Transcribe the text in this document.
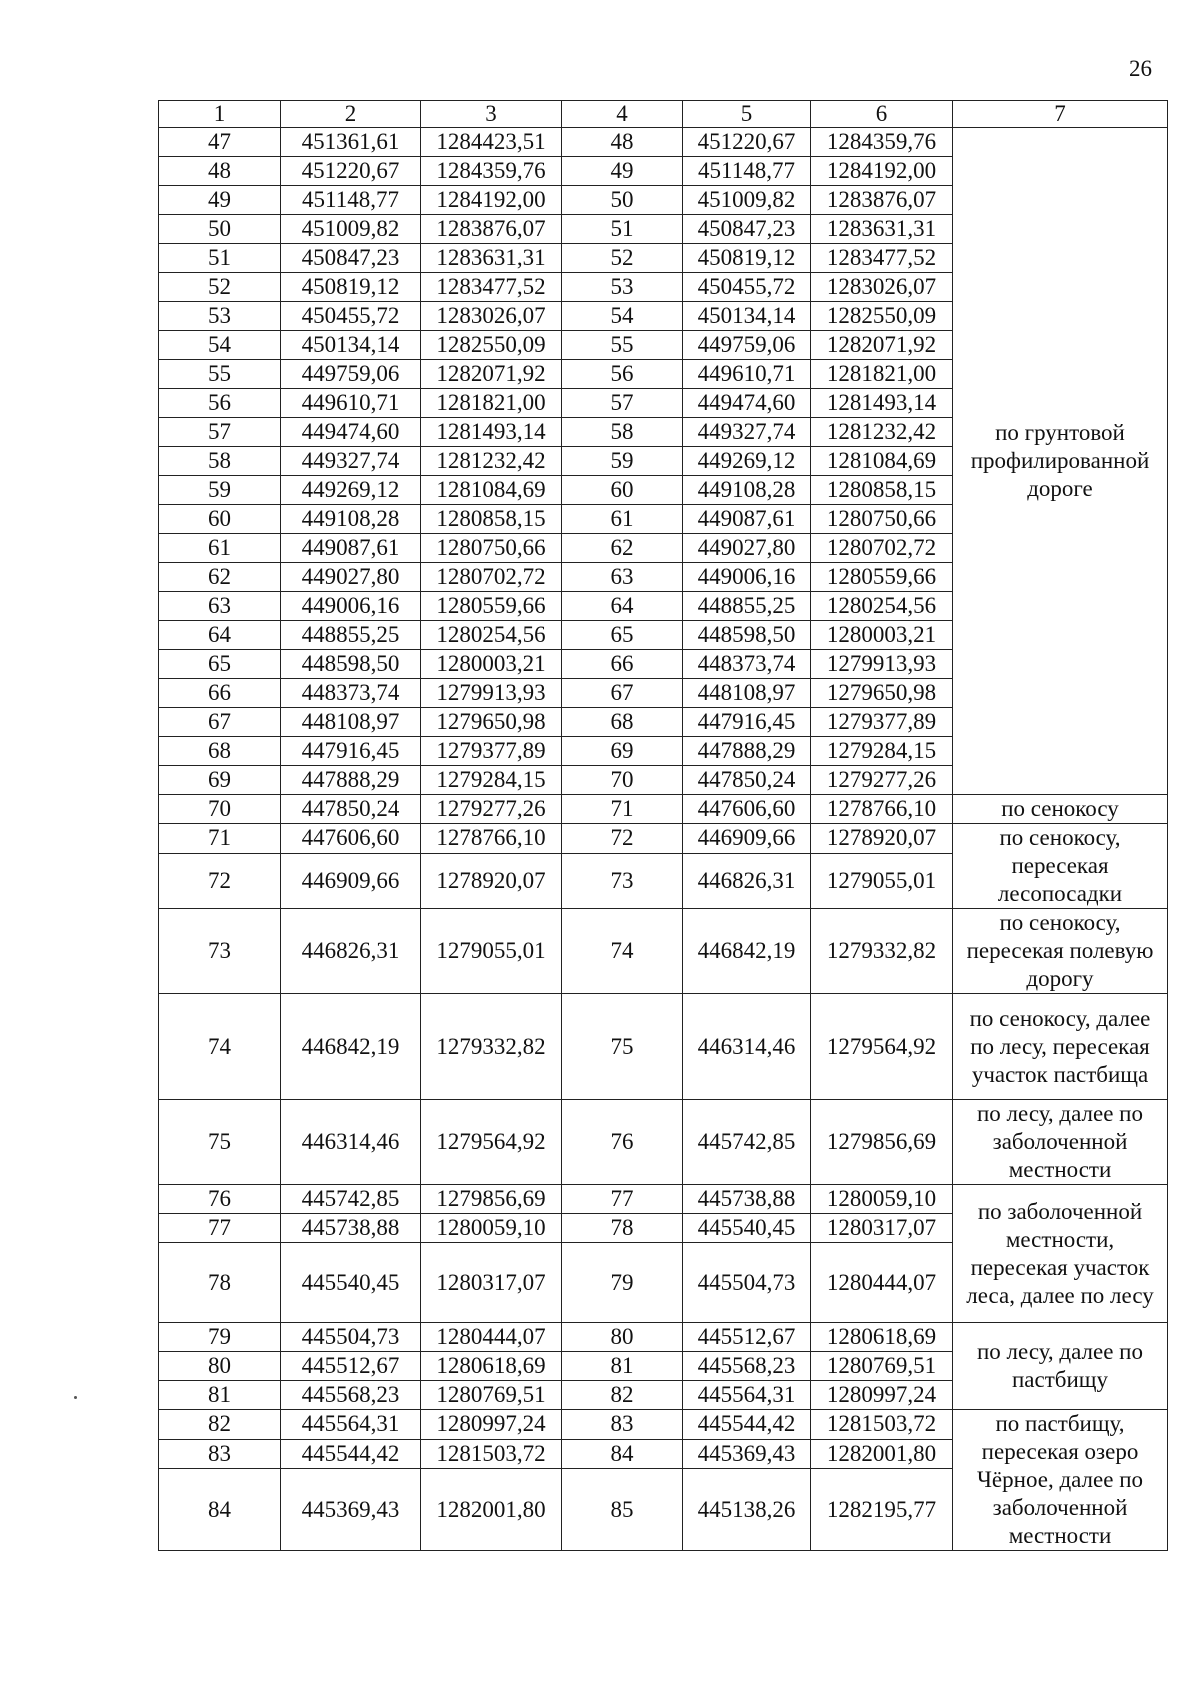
26
1	2	3	4	5	6	7
47	451361,61	1284423,51	48	451220,67	1284359,76	по грунтовой профилированной дороге
48	451220,67	1284359,76	49	451148,77	1284192,00	
49	451148,77	1284192,00	50	451009,82	1283876,07	
50	451009,82	1283876,07	51	450847,23	1283631,31	
51	450847,23	1283631,31	52	450819,12	1283477,52	
52	450819,12	1283477,52	53	450455,72	1283026,07	
53	450455,72	1283026,07	54	450134,14	1282550,09	
54	450134,14	1282550,09	55	449759,06	1282071,92	
55	449759,06	1282071,92	56	449610,71	1281821,00	
56	449610,71	1281821,00	57	449474,60	1281493,14	
57	449474,60	1281493,14	58	449327,74	1281232,42	
58	449327,74	1281232,42	59	449269,12	1281084,69	
59	449269,12	1281084,69	60	449108,28	1280858,15	
60	449108,28	1280858,15	61	449087,61	1280750,66	
61	449087,61	1280750,66	62	449027,80	1280702,72	
62	449027,80	1280702,72	63	449006,16	1280559,66	
63	449006,16	1280559,66	64	448855,25	1280254,56	
64	448855,25	1280254,56	65	448598,50	1280003,21	
65	448598,50	1280003,21	66	448373,74	1279913,93	
66	448373,74	1279913,93	67	448108,97	1279650,98	
67	448108,97	1279650,98	68	447916,45	1279377,89	
68	447916,45	1279377,89	69	447888,29	1279284,15	
69	447888,29	1279284,15	70	447850,24	1279277,26	
70	447850,24	1279277,26	71	447606,60	1278766,10	по сенокосу
71	447606,60	1278766,10	72	446909,66	1278920,07	по сенокосу, пересекая лесопосадки
72	446909,66	1278920,07	73	446826,31	1279055,01	
73	446826,31	1279055,01	74	446842,19	1279332,82	по сенокосу, пересекая полевую дорогу
74	446842,19	1279332,82	75	446314,46	1279564,92	по сенокосу, далее по лесу, пересекая участок пастбища
75	446314,46	1279564,92	76	445742,85	1279856,69	по лесу, далее по заболоченной местности
76	445742,85	1279856,69	77	445738,88	1280059,10	по заболоченной местности, пересекая участок леса, далее по лесу
77	445738,88	1280059,10	78	445540,45	1280317,07	
78	445540,45	1280317,07	79	445504,73	1280444,07	
79	445504,73	1280444,07	80	445512,67	1280618,69	по лесу, далее по пастбищу
80	445512,67	1280618,69	81	445568,23	1280769,51	
81	445568,23	1280769,51	82	445564,31	1280997,24	
82	445564,31	1280997,24	83	445544,42	1281503,72	по пастбищу, пересекая озеро Чёрное, далее по заболоченной местности
83	445544,42	1281503,72	84	445369,43	1282001,80	
84	445369,43	1282001,80	85	445138,26	1282195,77	
